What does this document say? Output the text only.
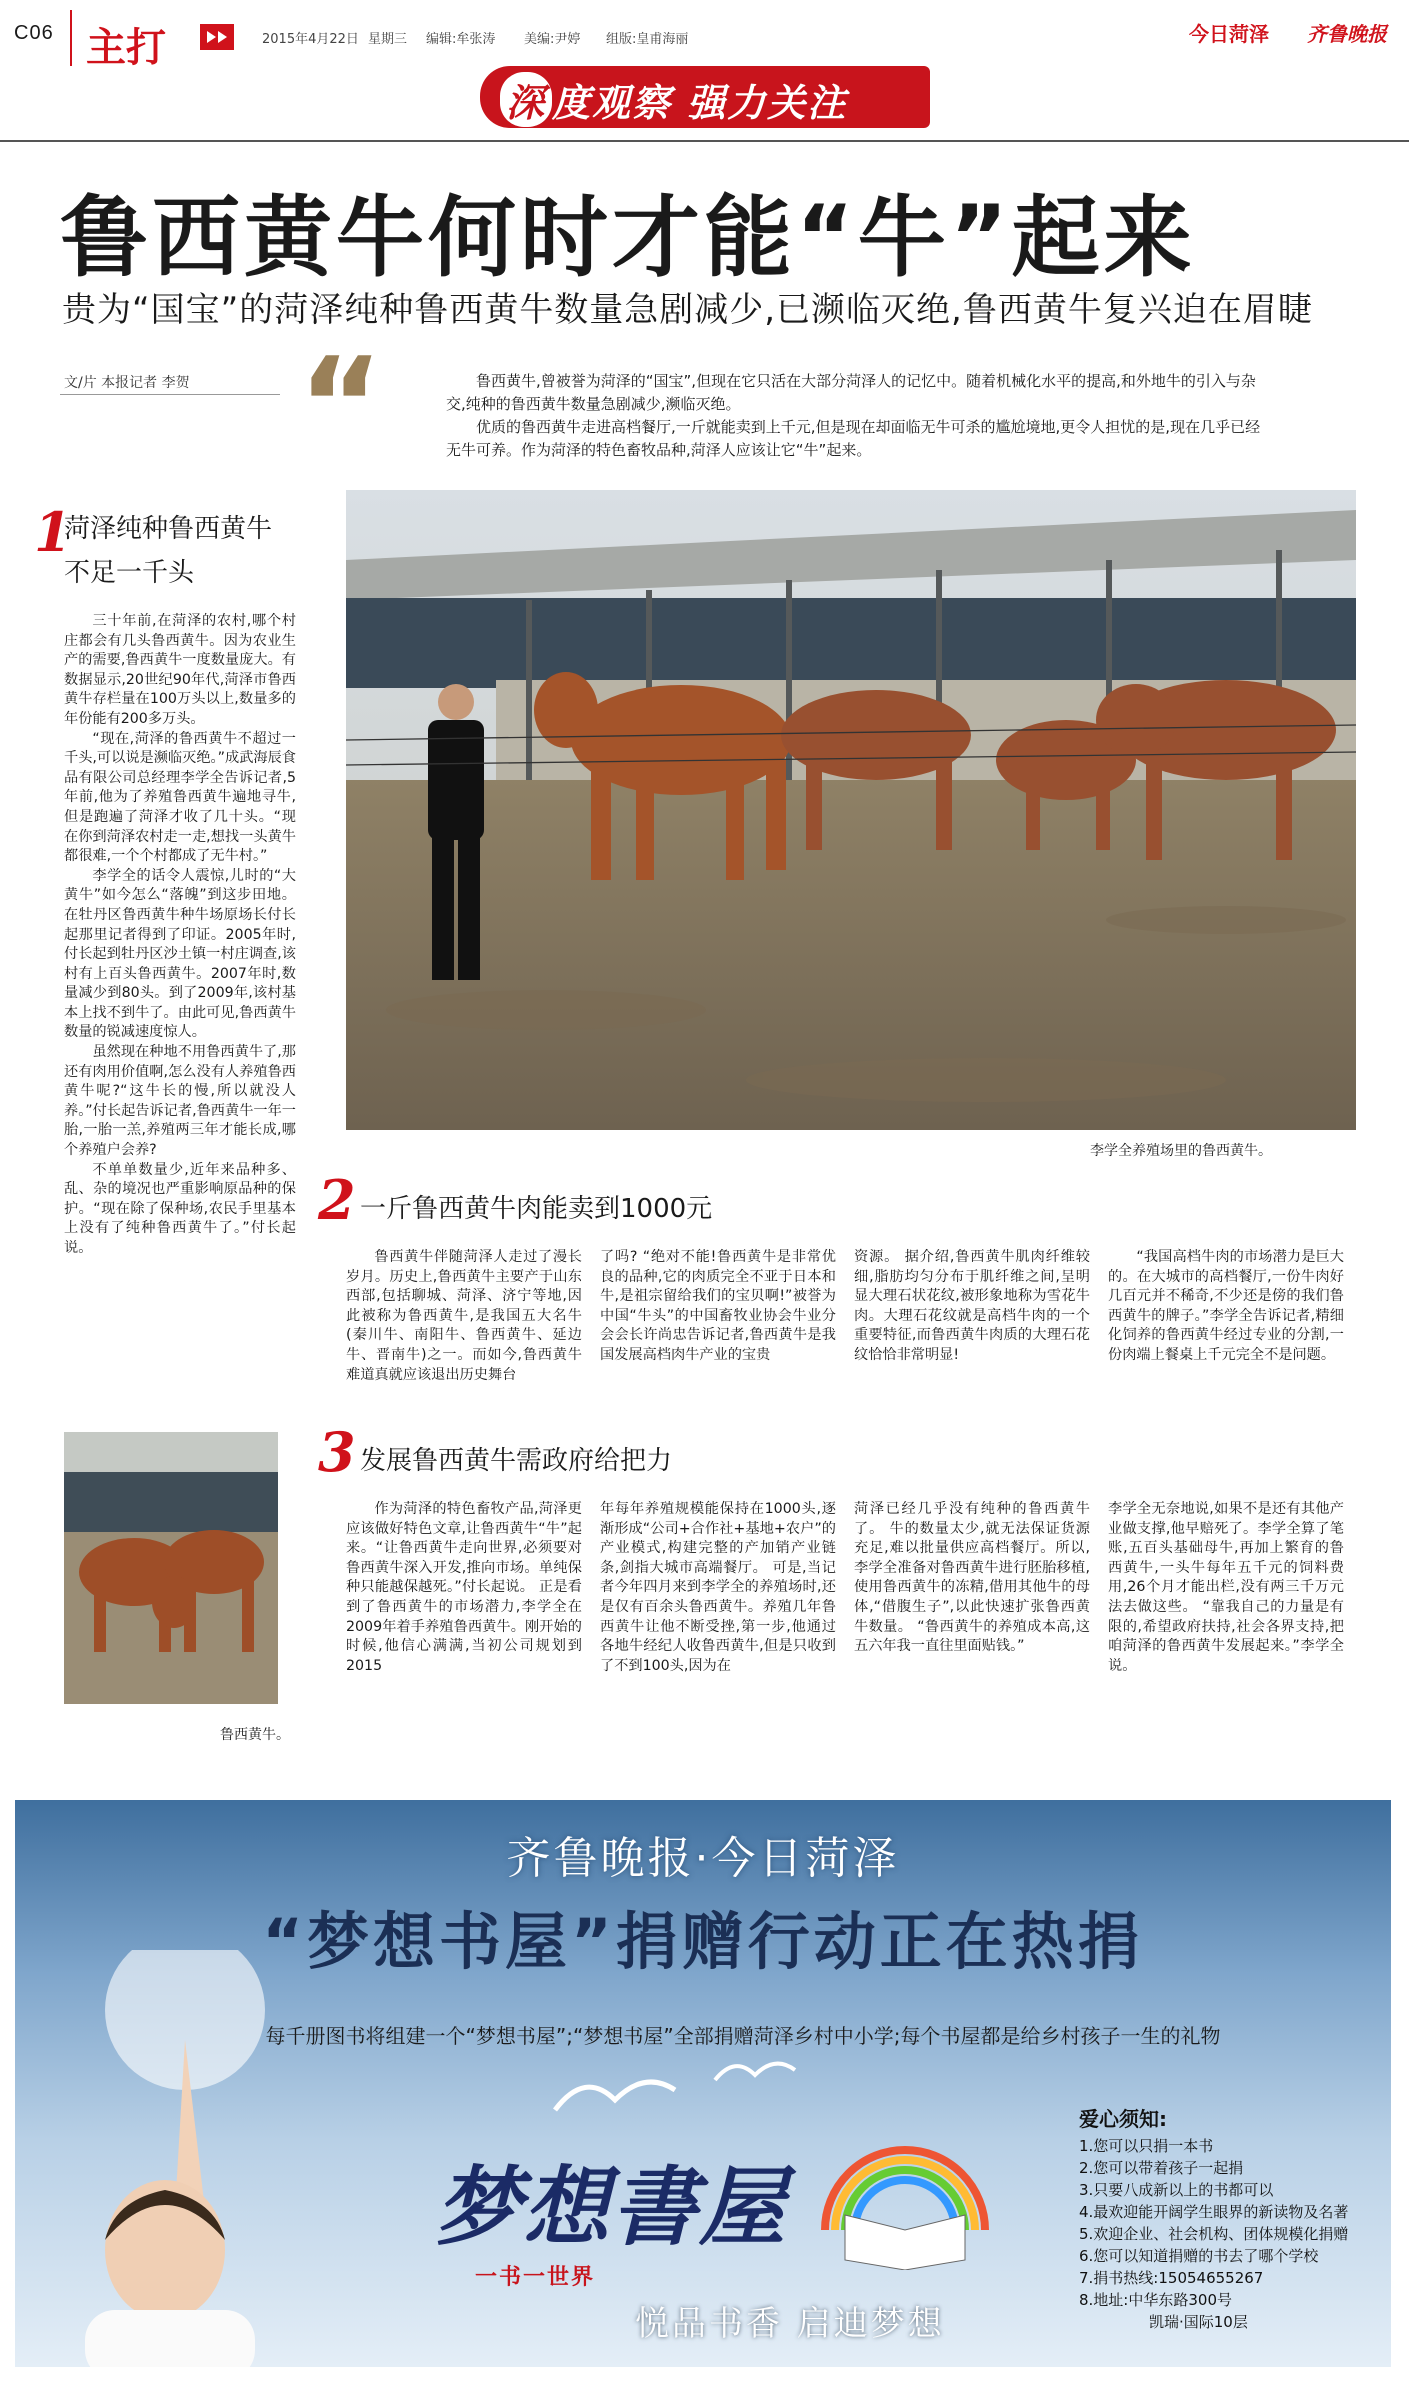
C06 主打	2015年4月22日 星期三 编辑:牟张涛 美编:尹婷 组版:皇甫海丽	今日菏泽 齐鲁晚报
深 度观察 强力关注
鲁西黄牛何时才能“牛”起来
贵为“国宝”的菏泽纯种鲁西黄牛数量急剧减少,已濒临灭绝,鲁西黄牛复兴迫在眉睫
文/片 本报记者 李贺 “	鲁西黄牛,曾被誉为菏泽的“国宝”,但现在它只活在大部分菏泽人的记忆中。随着机械化水平的提高,和外地牛的引入与杂交,纯种的鲁西黄牛数量急剧减少,濒临灭绝。

优质的鲁西黄牛走进高档餐厅,一斤就能卖到上千元,但是现在却面临无牛可杀的尴尬境地,更令人担忧的是,现在几乎已经无牛可养。作为菏泽的特色畜牧品种,菏泽人应该让它“牛”起来。

1
菏泽纯种鲁西黄牛
不足一千头

三十年前,在菏泽的农村,哪个村庄都会有几头鲁西黄牛。因为农业生产的需要,鲁西黄牛一度数量庞大。有数据显示,20世纪90年代,菏泽市鲁西黄牛存栏量在100万头以上,数量多的年份能有200多万头。

“现在,菏泽的鲁西黄牛不超过一千头,可以说是濒临灭绝。”成武海辰食品有限公司总经理李学全告诉记者,5年前,他为了养殖鲁西黄牛遍地寻牛,但是跑遍了菏泽才收了几十头。“现在你到菏泽农村走一走,想找一头黄牛都很难,一个个村都成了无牛村。”

李学全的话令人震惊,儿时的“大黄牛”如今怎么“落魄”到这步田地。在牡丹区鲁西黄牛种牛场原场长付长起那里记者得到了印证。2005年时,付长起到牡丹区沙土镇一村庄调查,该村有上百头鲁西黄牛。2007年时,数量减少到80头。到了2009年,该村基本上找不到牛了。由此可见,鲁西黄牛数量的锐减速度惊人。

虽然现在种地不用鲁西黄牛了,那还有肉用价值啊,怎么没有人养殖鲁西黄牛呢?“这牛长的慢,所以就没人养。”付长起告诉记者,鲁西黄牛一年一胎,一胎一羔,养殖两三年才能长成,哪个养殖户会养?

不单单数量少,近年来品种多、乱、杂的境况也严重影响原品种的保护。“现在除了保种场,农民手里基本上没有了纯种鲁西黄牛了。”付长起说。

李学全养殖场里的鲁西黄牛。
2 一斤鲁西黄牛肉能卖到1000元
鲁西黄牛伴随菏泽人走过了漫长岁月。历史上,鲁西黄牛主要产于山东西部,包括聊城、菏泽、济宁等地,因此被称为鲁西黄牛,是我国五大名牛(秦川牛、南阳牛、鲁西黄牛、延边牛、晋南牛)之一。而如今,鲁西黄牛难道真就应该退出历史舞台
了吗? “绝对不能!鲁西黄牛是非常优良的品种,它的肉质完全不亚于日本和牛,是祖宗留给我们的宝贝啊!”被誉为中国“牛头”的中国畜牧业协会牛业分会会长许尚忠告诉记者,鲁西黄牛是我国发展高档肉牛产业的宝贵
资源。 据介绍,鲁西黄牛肌肉纤维较细,脂肪均匀分布于肌纤维之间,呈明显大理石状花纹,被形象地称为雪花牛肉。大理石花纹就是高档牛肉的一个重要特征,而鲁西黄牛肉质的大理石花纹恰恰非常明显!
“我国高档牛肉的市场潜力是巨大的。在大城市的高档餐厅,一份牛肉好几百元并不稀奇,不少还是傍的我们鲁西黄牛的牌子。”李学全告诉记者,精细化饲养的鲁西黄牛经过专业的分割,一份肉端上餐桌上千元完全不是问题。
鲁西黄牛。
3 发展鲁西黄牛需政府给把力
作为菏泽的特色畜牧产品,菏泽更应该做好特色文章,让鲁西黄牛“牛”起来。“让鲁西黄牛走向世界,必须要对鲁西黄牛深入开发,推向市场。单纯保种只能越保越死。”付长起说。 正是看到了鲁西黄牛的市场潜力,李学全在2009年着手养殖鲁西黄牛。刚开始的时候,他信心满满,当初公司规划到2015
年每年养殖规模能保持在1000头,逐渐形成“公司+合作社+基地+农户”的产业模式,构建完整的产加销产业链条,剑指大城市高端餐厅。 可是,当记者今年四月来到李学全的养殖场时,还是仅有百余头鲁西黄牛。养殖几年鲁西黄牛让他不断受挫,第一步,他通过各地牛经纪人收鲁西黄牛,但是只收到了不到100头,因为在
菏泽已经几乎没有纯种的鲁西黄牛了。 牛的数量太少,就无法保证货源充足,难以批量供应高档餐厅。所以,李学全准备对鲁西黄牛进行胚胎移植,使用鲁西黄牛的冻精,借用其他牛的母体,“借腹生子”,以此快速扩张鲁西黄牛数量。 “鲁西黄牛的养殖成本高,这五六年我一直往里面贴钱。”
李学全无奈地说,如果不是还有其他产业做支撑,他早赔死了。李学全算了笔账,五百头基础母牛,再加上繁育的鲁西黄牛,一头牛每年五千元的饲料费用,26个月才能出栏,没有两三千万元法去做这些。 “靠我自己的力量是有限的,希望政府扶持,社会各界支持,把咱菏泽的鲁西黄牛发展起来。”李学全说。
齐鲁晚报·今日菏泽
“梦想书屋”捐赠行动正在热捐
每千册图书将组建一个“梦想书屋”;“梦想书屋”全部捐赠菏泽乡村中小学;每个书屋都是给乡村孩子一生的礼物
梦想書屋
一书一世界
悦品书香 启迪梦想
爱心须知:
1.您可以只捐一本书
2.您可以带着孩子一起捐
3.只要八成新以上的书都可以
4.最欢迎能开阔学生眼界的新读物及名著
5.欢迎企业、社会机构、团体规模化捐赠
6.您可以知道捐赠的书去了哪个学校
7.捐书热线:15054655267
8.地址:中华东路300号
凯瑞·国际10层
